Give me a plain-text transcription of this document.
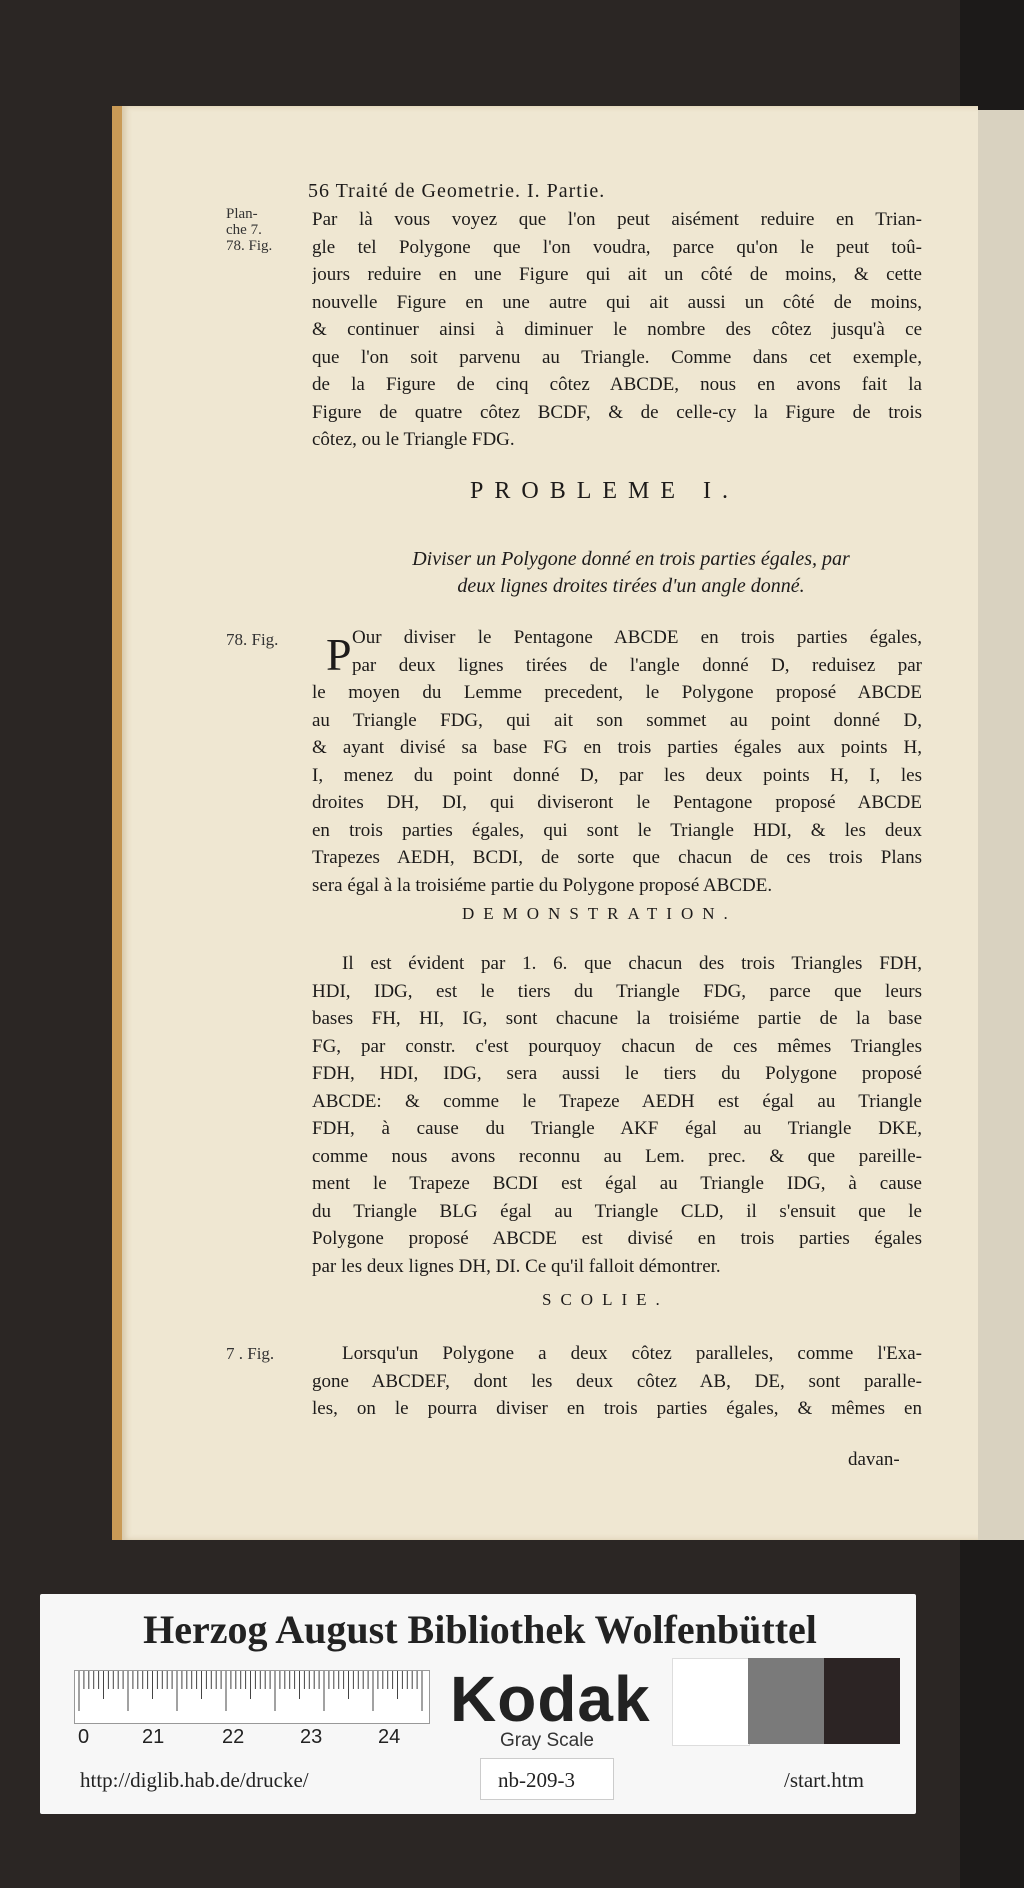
56 Traité de Geometrie. I. Partie.
Plan-
che 7.
78. Fig.
Par là vous voyez que l'on peut aisément reduire en Trian-
gle tel Polygone que l'on voudra, parce qu'on le peut toû-
jours reduire en une Figure qui ait un côté de moins, & cette
nouvelle Figure en une autre qui ait aussi un côté de moins,
& continuer ainsi à diminuer le nombre des côtez jusqu'à ce
que l'on soit parvenu au Triangle. Comme dans cet exemple,
de la Figure de cinq côtez ABCDE, nous en avons fait la
Figure de quatre côtez BCDF, & de celle-cy la Figure de trois
côtez, ou le Triangle FDG.
PROBLEME I.
Diviser un Polygone donné en trois parties égales, par
deux lignes droites tirées d'un angle donné.
78. Fig. P Our diviser le Pentagone ABCDE en trois parties égales,
par deux lignes tirées de l'angle donné D, reduisez par
le moyen du Lemme precedent, le Polygone proposé ABCDE
au Triangle FDG, qui ait son sommet au point donné D,
& ayant divisé sa base FG en trois parties égales aux points H,
I, menez du point donné D, par les deux points H, I, les
droites DH, DI, qui diviseront le Pentagone proposé ABCDE
en trois parties égales, qui sont le Triangle HDI, & les deux
Trapezes AEDH, BCDI, de sorte que chacun de ces trois Plans
sera égal à la troisiéme partie du Polygone proposé ABCDE.
DEMONSTRATION.
Il est évident par 1. 6. que chacun des trois Triangles FDH,
HDI, IDG, est le tiers du Triangle FDG, parce que leurs
bases FH, HI, IG, sont chacune la troisiéme partie de la base
FG, par constr. c'est pourquoy chacun de ces mêmes Triangles
FDH, HDI, IDG, sera aussi le tiers du Polygone proposé
ABCDE: & comme le Trapeze AEDH est égal au Triangle
FDH, à cause du Triangle AKF égal au Triangle DKE,
comme nous avons reconnu au Lem. prec. & que pareille-
ment le Trapeze BCDI est égal au Triangle IDG, à cause
du Triangle BLG égal au Triangle CLD, il s'ensuit que le
Polygone proposé ABCDE est divisé en trois parties égales
par les deux lignes DH, DI. Ce qu'il falloit démontrer.
SCOLIE.
7 . Fig.	Lorsqu'un Polygone a deux côtez paralleles, comme l'Exa-
gone ABCDEF, dont les deux côtez AB, DE, sont paralle-
les, on le pourra diviser en trois parties égales, & mêmes en
davan-
Herzog August Bibliothek Wolfenbüttel
0	21	22	23	24
Kodak
Gray Scale
http://diglib.hab.de/drucke/	nb-209-3	/start.htm
